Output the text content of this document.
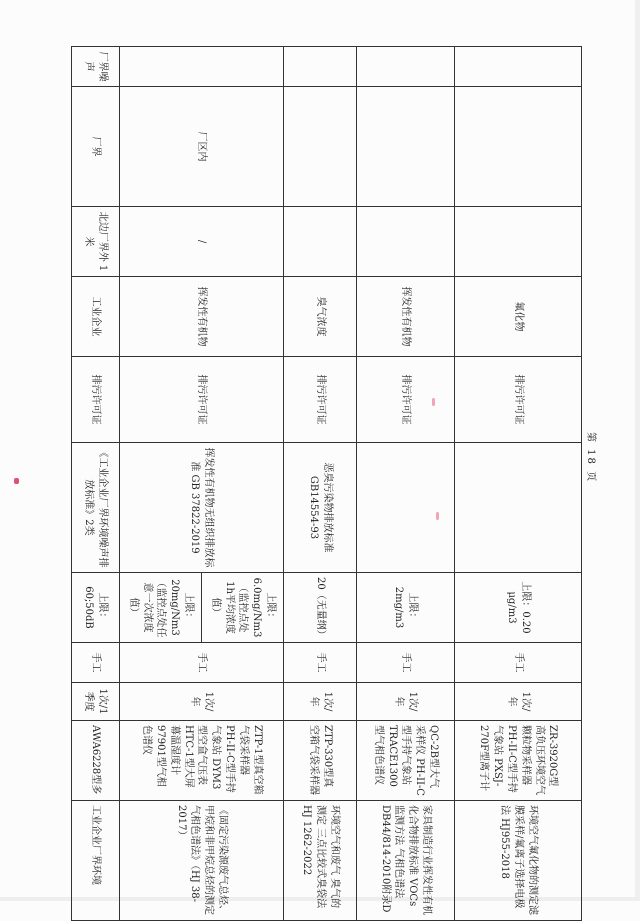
			氟化物	排污许可证		上限：0.20 μg/m3	手工	1次/年	ZR-3920G型高负压环境空气颗粒物采样器 PH-II-C型手持气象站 PXSJ-270F型离子计	环境空气氟化物的测定滤膜采样/氟离子选择电极法 HJ955-2018
			挥发性有机物	排污许可证		上限：2mg/m3	手工	1次/年	QC-2B型大气采样仪 PH-II-C型手持气象站 TRACE1300型气相色谱仪	家具制造行业挥发性有机化合物排放标准 VOCs监测方法 气相色谱法 DB44/814-2010附录D
			臭气浓度	排污许可证	恶臭污染物排放标准 GB14554-93	20（无量纲）	手工	1次/年	ZTP-330型真空箱气袋采样器	环境空气和废气 臭气的测定 三点比较式臭袋法 HJ 1262-2022
	厂区内	/	挥发性有机物	排污许可证	挥发性有机物无组织排放标准 GB 37822-2019	上限：6.0mg/Nm3（监控点处1h平均浓度值）	手工	1次/年	ZTP-1型真空箱气袋采样器 PH-II-C型手持气象站 DYM3型空盒气压表 HTC-1型大屏幕温湿度计 97901型气相色谱仪	《固定污染源废气总烃、甲烷和非甲烷总烃的测定 气相色谱法》（HJ 38-2017）
						上限：20mg/Nm3（监控点处任意一次浓度值）				
厂界噪声	厂界	北边厂界外 1米	工业企业	排污许可证	《工业企业厂界环境噪声排放标准》2类	上限：60;50dB	手工	1次/1季度	AWA6228型多	工业企业厂界环境
第 18 页
